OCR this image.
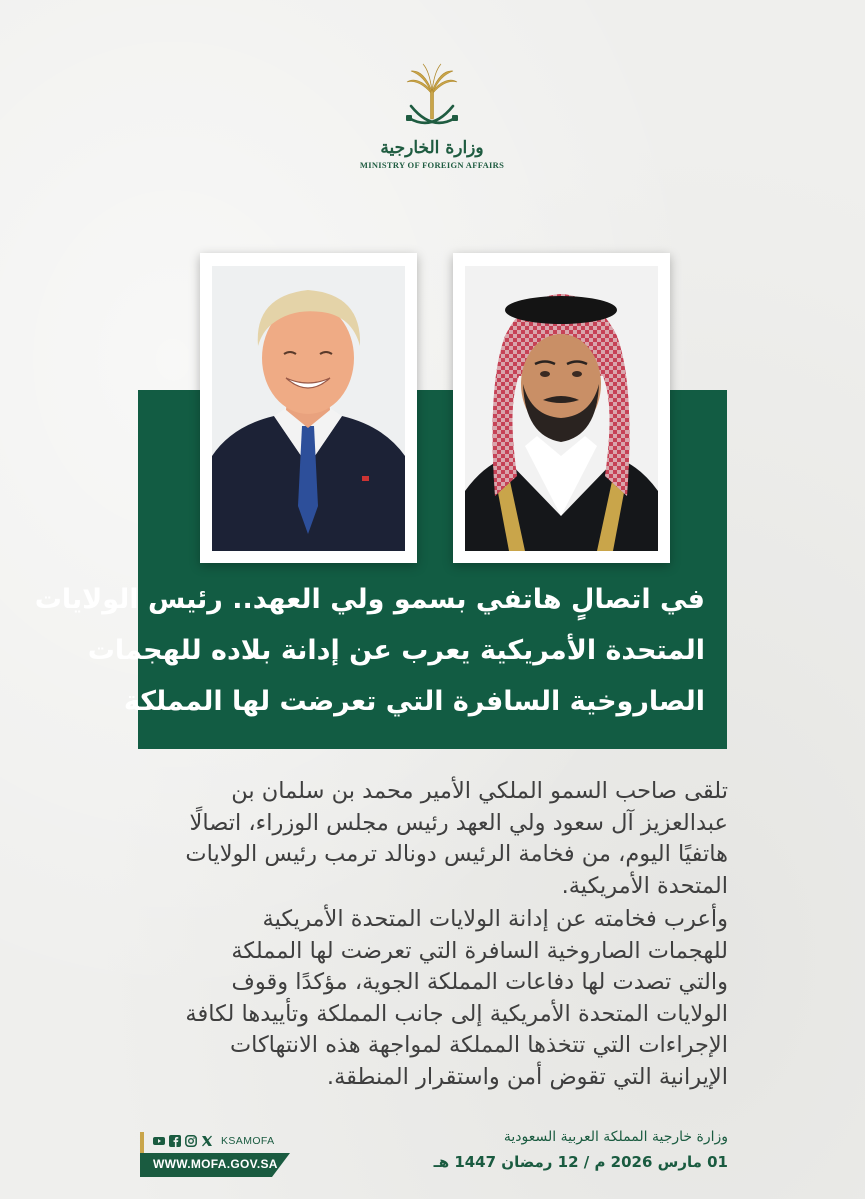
وزارة الخارجية
MINISTRY OF FOREIGN AFFAIRS
في اتصالٍ هاتفي بسمو ولي العهد.. رئيس الولايات
المتحدة الأمريكية يعرب عن إدانة بلاده للهجمات
الصاروخية السافرة التي تعرضت لها المملكة
تلقى صاحب السمو الملكي الأمير محمد بن سلمان بن
عبدالعزيز آل سعود ولي العهد رئيس مجلس الوزراء، اتصالًا
هاتفيًا اليوم، من فخامة الرئيس دونالد ترمب رئيس الولايات
المتحدة الأمريكية.
وأعرب فخامته عن إدانة الولايات المتحدة الأمريكية
للهجمات الصاروخية السافرة التي تعرضت لها المملكة
والتي تصدت لها دفاعات المملكة الجوية، مؤكدًا وقوف
الولايات المتحدة الأمريكية إلى جانب المملكة وتأييدها لكافة
الإجراءات التي تتخذها المملكة لمواجهة هذه الانتهاكات
الإيرانية التي تقوض أمن واستقرار المنطقة.
وزارة خارجية المملكة العربية السعودية
01 مارس 2026 م / 12 رمضان 1447 هـ
KSAMOFA
WWW.MOFA.GOV.SA
